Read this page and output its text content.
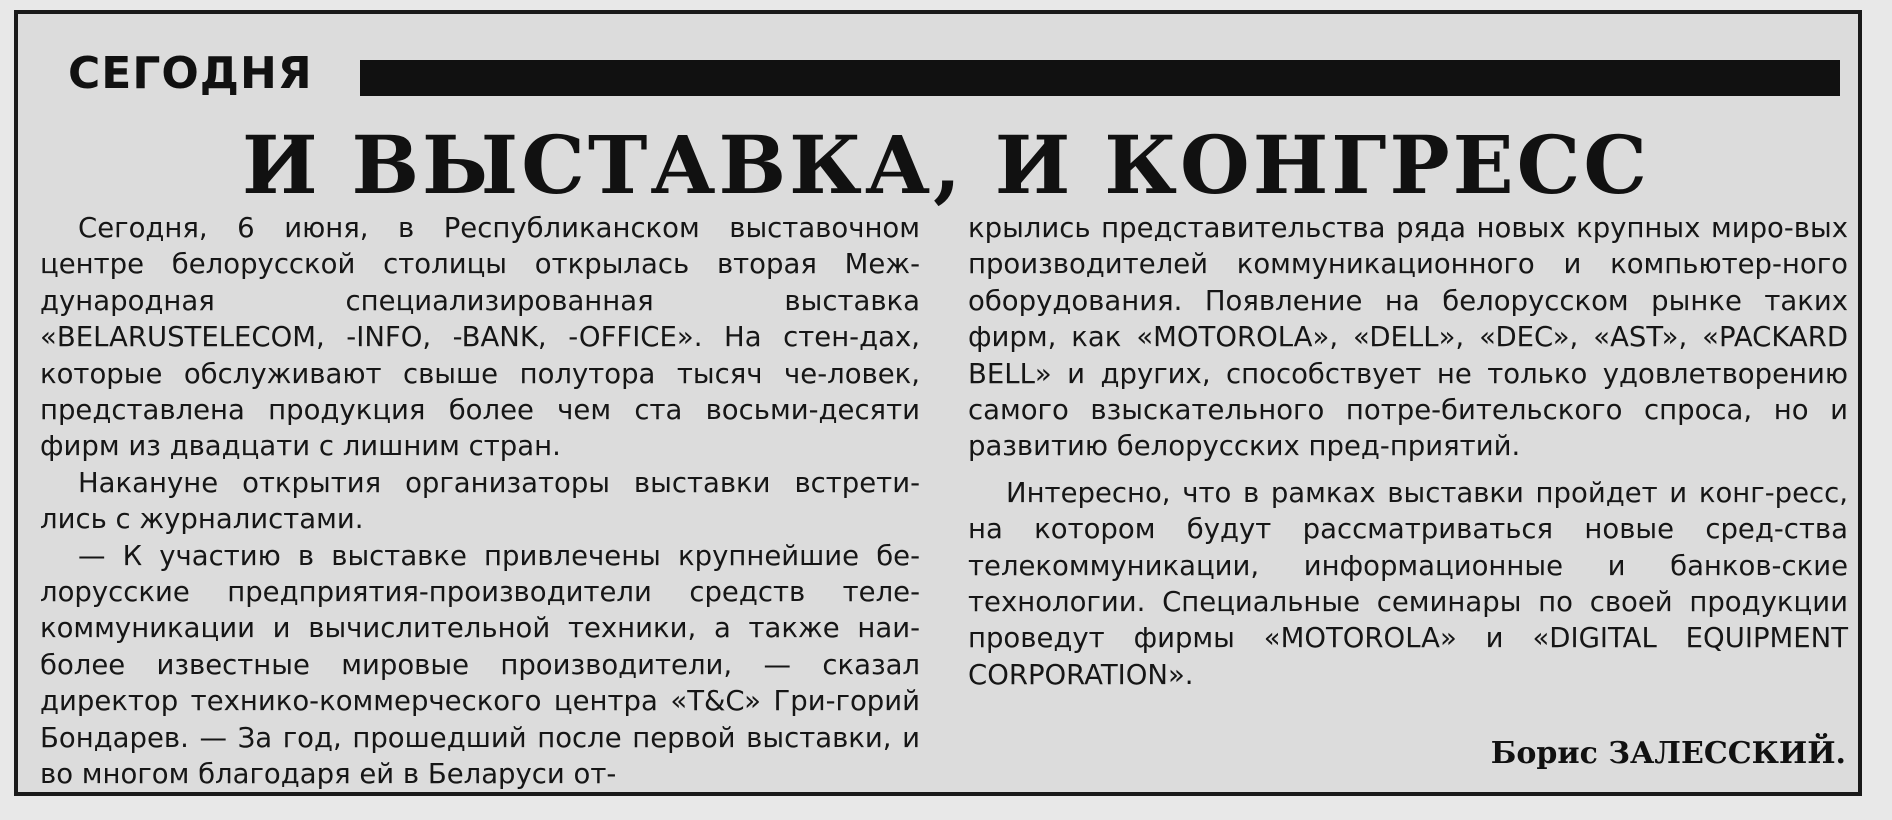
СЕГОДНЯ
И ВЫСТАВКА, И КОНГРЕСС

Сегодня, 6 июня, в Республиканском выставочном центре белорусской столицы открылась вторая Меж-дународная специализированная выставка «BELARUSTELECOM, -INFO, -BANK, -OFFICE». На стен-дах, которые обслуживают свыше полутора тысяч че-ловек, представлена продукция более чем ста восьми-десяти фирм из двадцати с лишним стран.

Накануне открытия организаторы выставки встрети-лись с журналистами.

— К участию в выставке привлечены крупнейшие бе-лорусские предприятия-производители средств теле-коммуникации и вычислительной техники, а также наи-более известные мировые производители, — сказал директор технико-коммерческого центра «T&C» Гри-горий Бондарев. — За год, прошедший после первой выставки, и во многом благодаря ей в Беларуси от-

крылись представительства ряда новых крупных миро-вых производителей коммуникационного и компьютер-ного оборудования. Появление на белорусском рынке таких фирм, как «MOTOROLA», «DELL», «DEC», «AST», «PACKARD BELL» и других, способствует не только удовлетворению самого взыскательного потре-бительского спроса, но и развитию белорусских пред-приятий.

Интересно, что в рамках выставки пройдет и конг-ресс, на котором будут рассматриваться новые сред-ства телекоммуникации, информационные и банков-ские технологии. Специальные семинары по своей продукции проведут фирмы «MOTOROLA» и «DIGITAL EQUIPMENT CORPORATION».

Борис ЗАЛЕССКИЙ.
